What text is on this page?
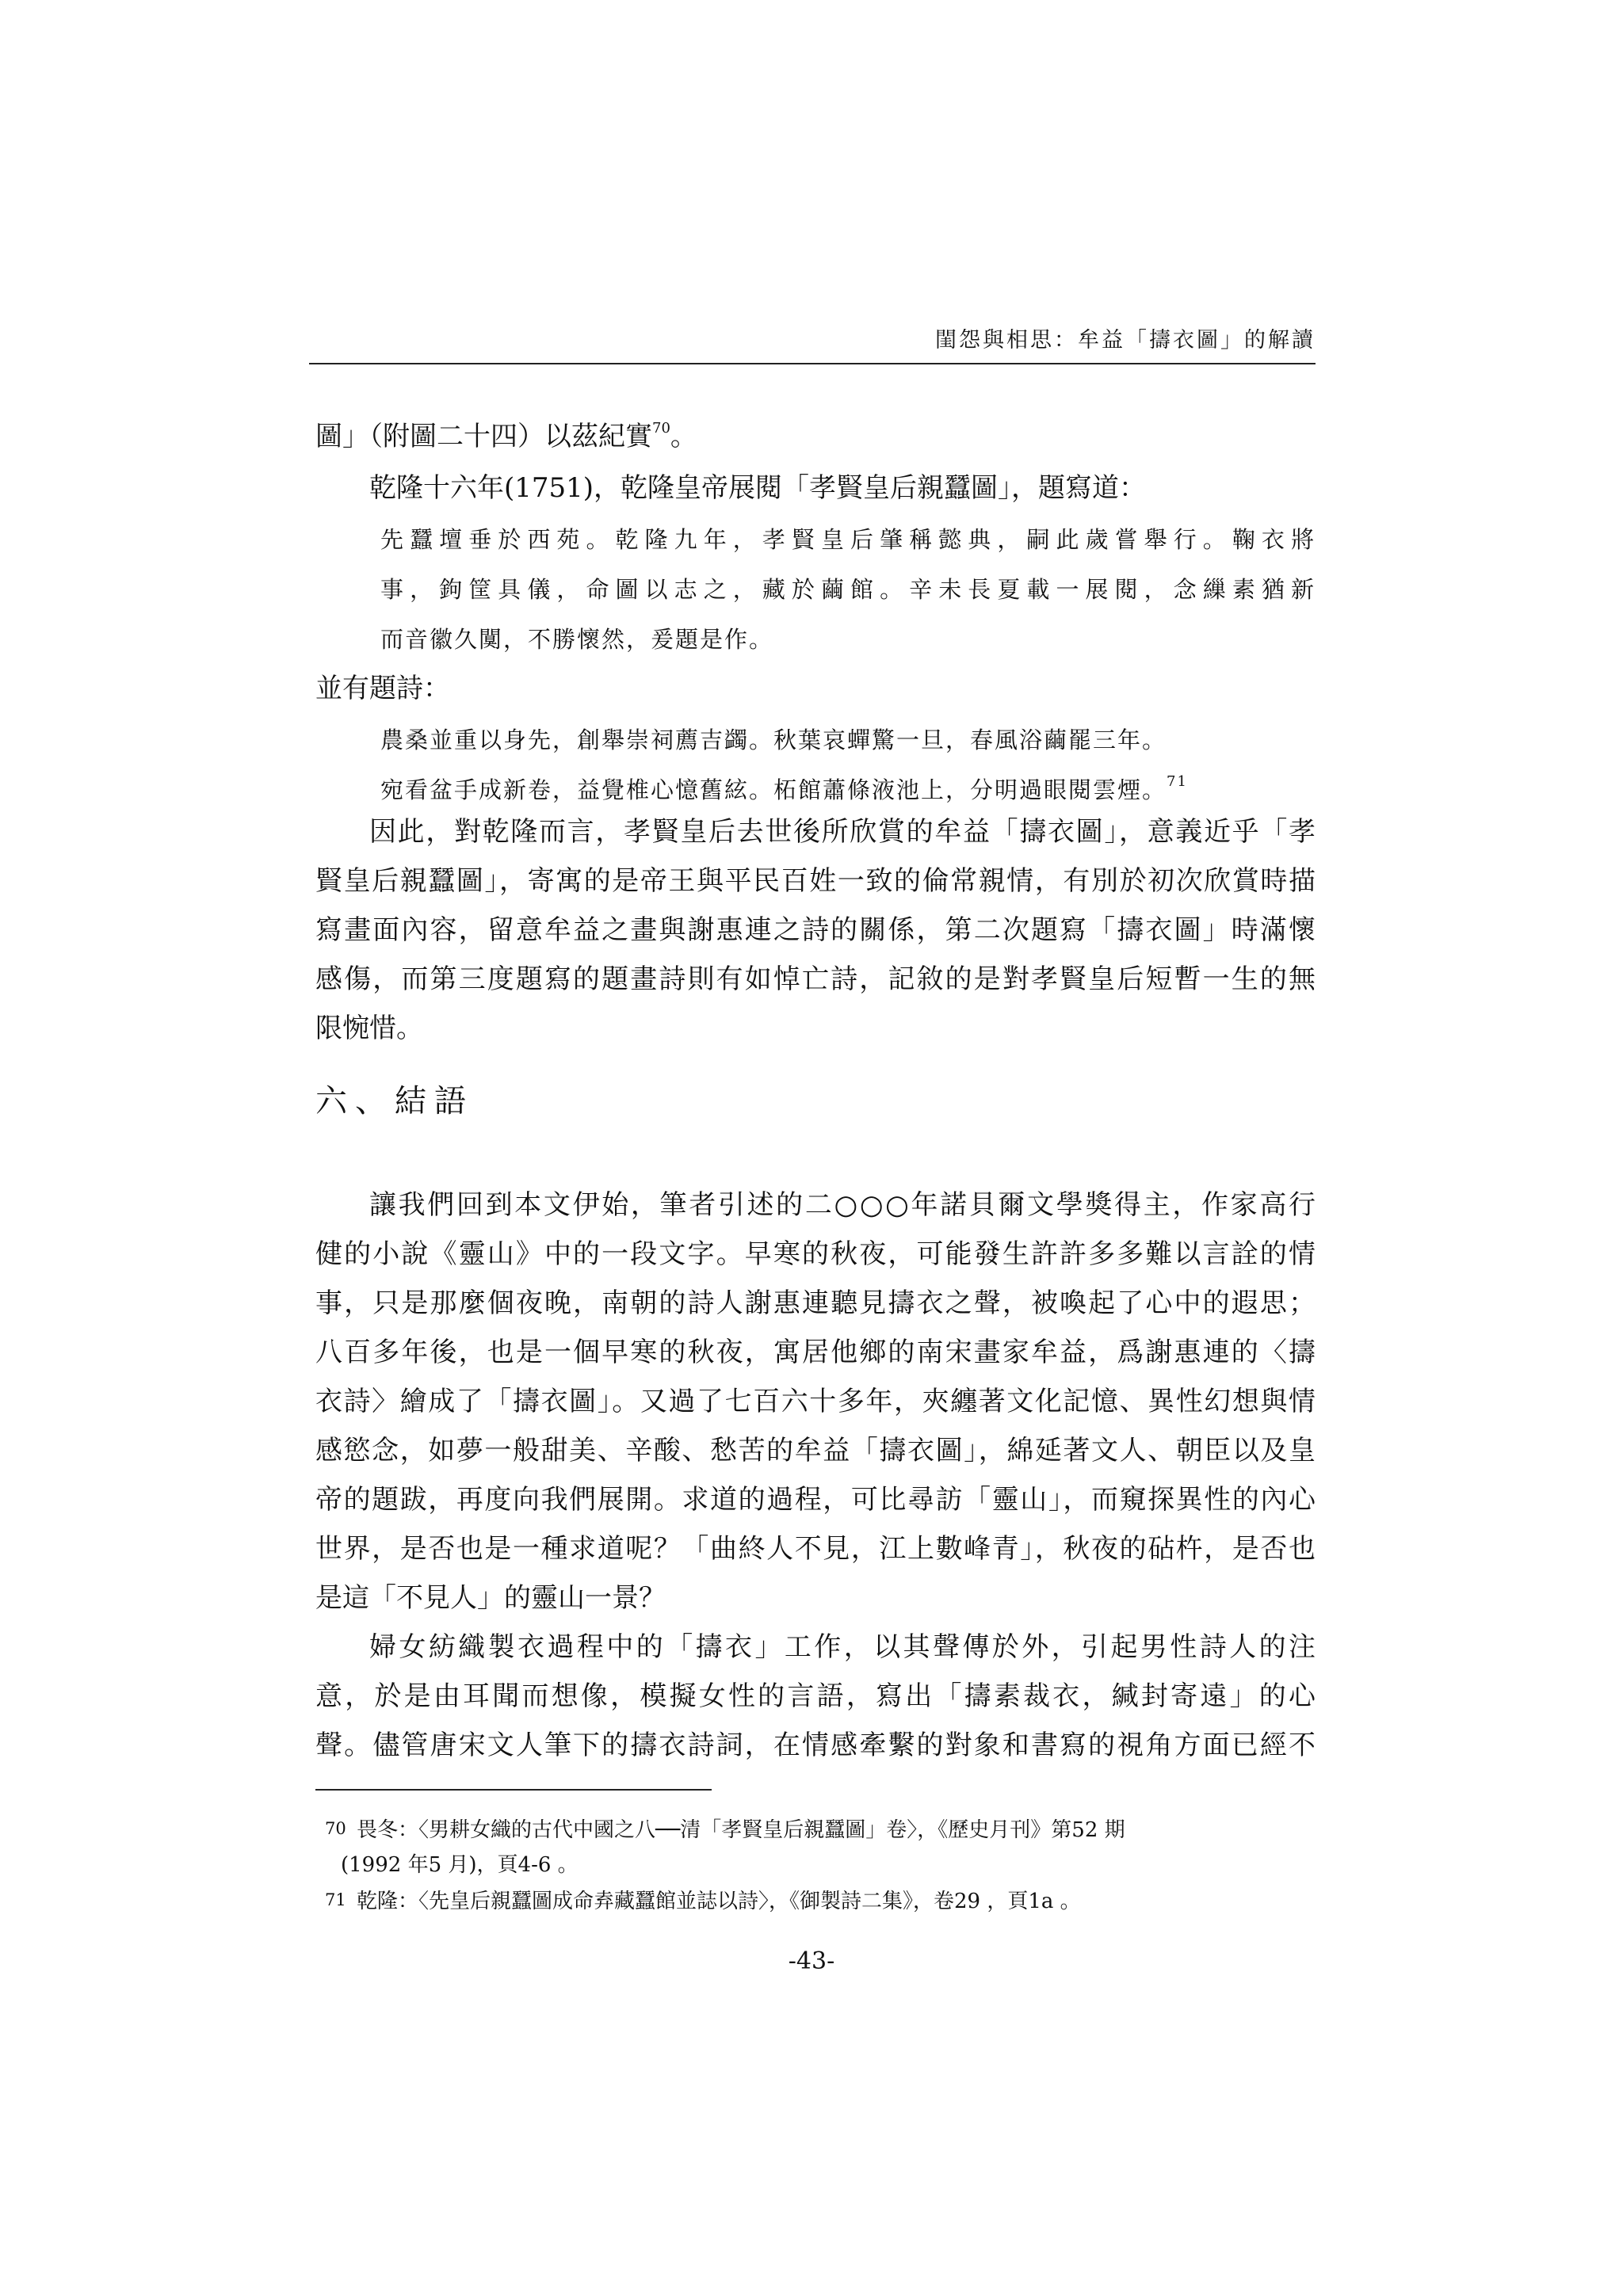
閨怨與相思：牟益「擣衣圖」的解讀
圖」（附圖二十四）以茲紀實$^{70}$。
乾隆十六年(1751)，乾隆皇帝展閱「孝賢皇后親蠶圖」，題寫道：
先蠶壇垂於西苑。乾隆九年，孝賢皇后肇稱懿典，嗣此歲嘗舉行。鞠衣將
事，鉤筐具儀，命圖以志之，藏於繭館。辛未長夏載一展閱，念繅素猶新
而音徽久闃，不勝懷然，爰題是作。
並有題詩：
農桑並重以身先，創舉崇祠薦吉蠲。秋葉哀蟬驚一旦，春風浴繭罷三年。
宛看盆手成新卷，益覺椎心憶舊絃。柘館蕭條液池上，分明過眼閱雲煙。$^{71}$
因此，對乾隆而言，孝賢皇后去世後所欣賞的牟益「擣衣圖」，意義近乎「孝
賢皇后親蠶圖」，寄寓的是帝王與平民百姓一致的倫常親情，有別於初次欣賞時描
寫畫面內容，留意牟益之畫與謝惠連之詩的關係，第二次題寫「擣衣圖」時滿懷
感傷，而第三度題寫的題畫詩則有如悼亡詩，記敘的是對孝賢皇后短暫一生的無
限惋惜。
六、結語
讓我們回到本文伊始，筆者引述的二○○○年諾貝爾文學獎得主，作家高行
健的小說《靈山》中的一段文字。早寒的秋夜，可能發生許許多多難以言詮的情
事，只是那麼個夜晚，南朝的詩人謝惠連聽見擣衣之聲，被喚起了心中的遐思；
八百多年後，也是一個早寒的秋夜，寓居他鄉的南宋畫家牟益，爲謝惠連的〈擣
衣詩〉繪成了「擣衣圖」。又過了七百六十多年，夾纏著文化記憶、異性幻想與情
感慾念，如夢一般甜美、辛酸、愁苦的牟益「擣衣圖」，綿延著文人、朝臣以及皇
帝的題跋，再度向我們展開。求道的過程，可比尋訪「靈山」，而窺探異性的內心
世界，是否也是一種求道呢？「曲終人不見，江上數峰青」，秋夜的砧杵，是否也
是這「不見人」的靈山一景？
婦女紡織製衣過程中的「擣衣」工作，以其聲傳於外，引起男性詩人的注
意，於是由耳聞而想像，模擬女性的言語，寫出「擣素裁衣，緘封寄遠」的心
聲。儘管唐宋文人筆下的擣衣詩詞，在情感牽繫的對象和書寫的視角方面已經不
70 畏冬：〈男耕女織的古代中國之八──清「孝賢皇后親蠶圖」卷〉，《歷史月刊》第52 期
(1992 年5 月)，頁4-6 。
71 乾隆：〈先皇后親蠶圖成命弆藏蠶館並誌以詩〉，《御製詩二集》，卷29 ，頁1a 。
-43-
